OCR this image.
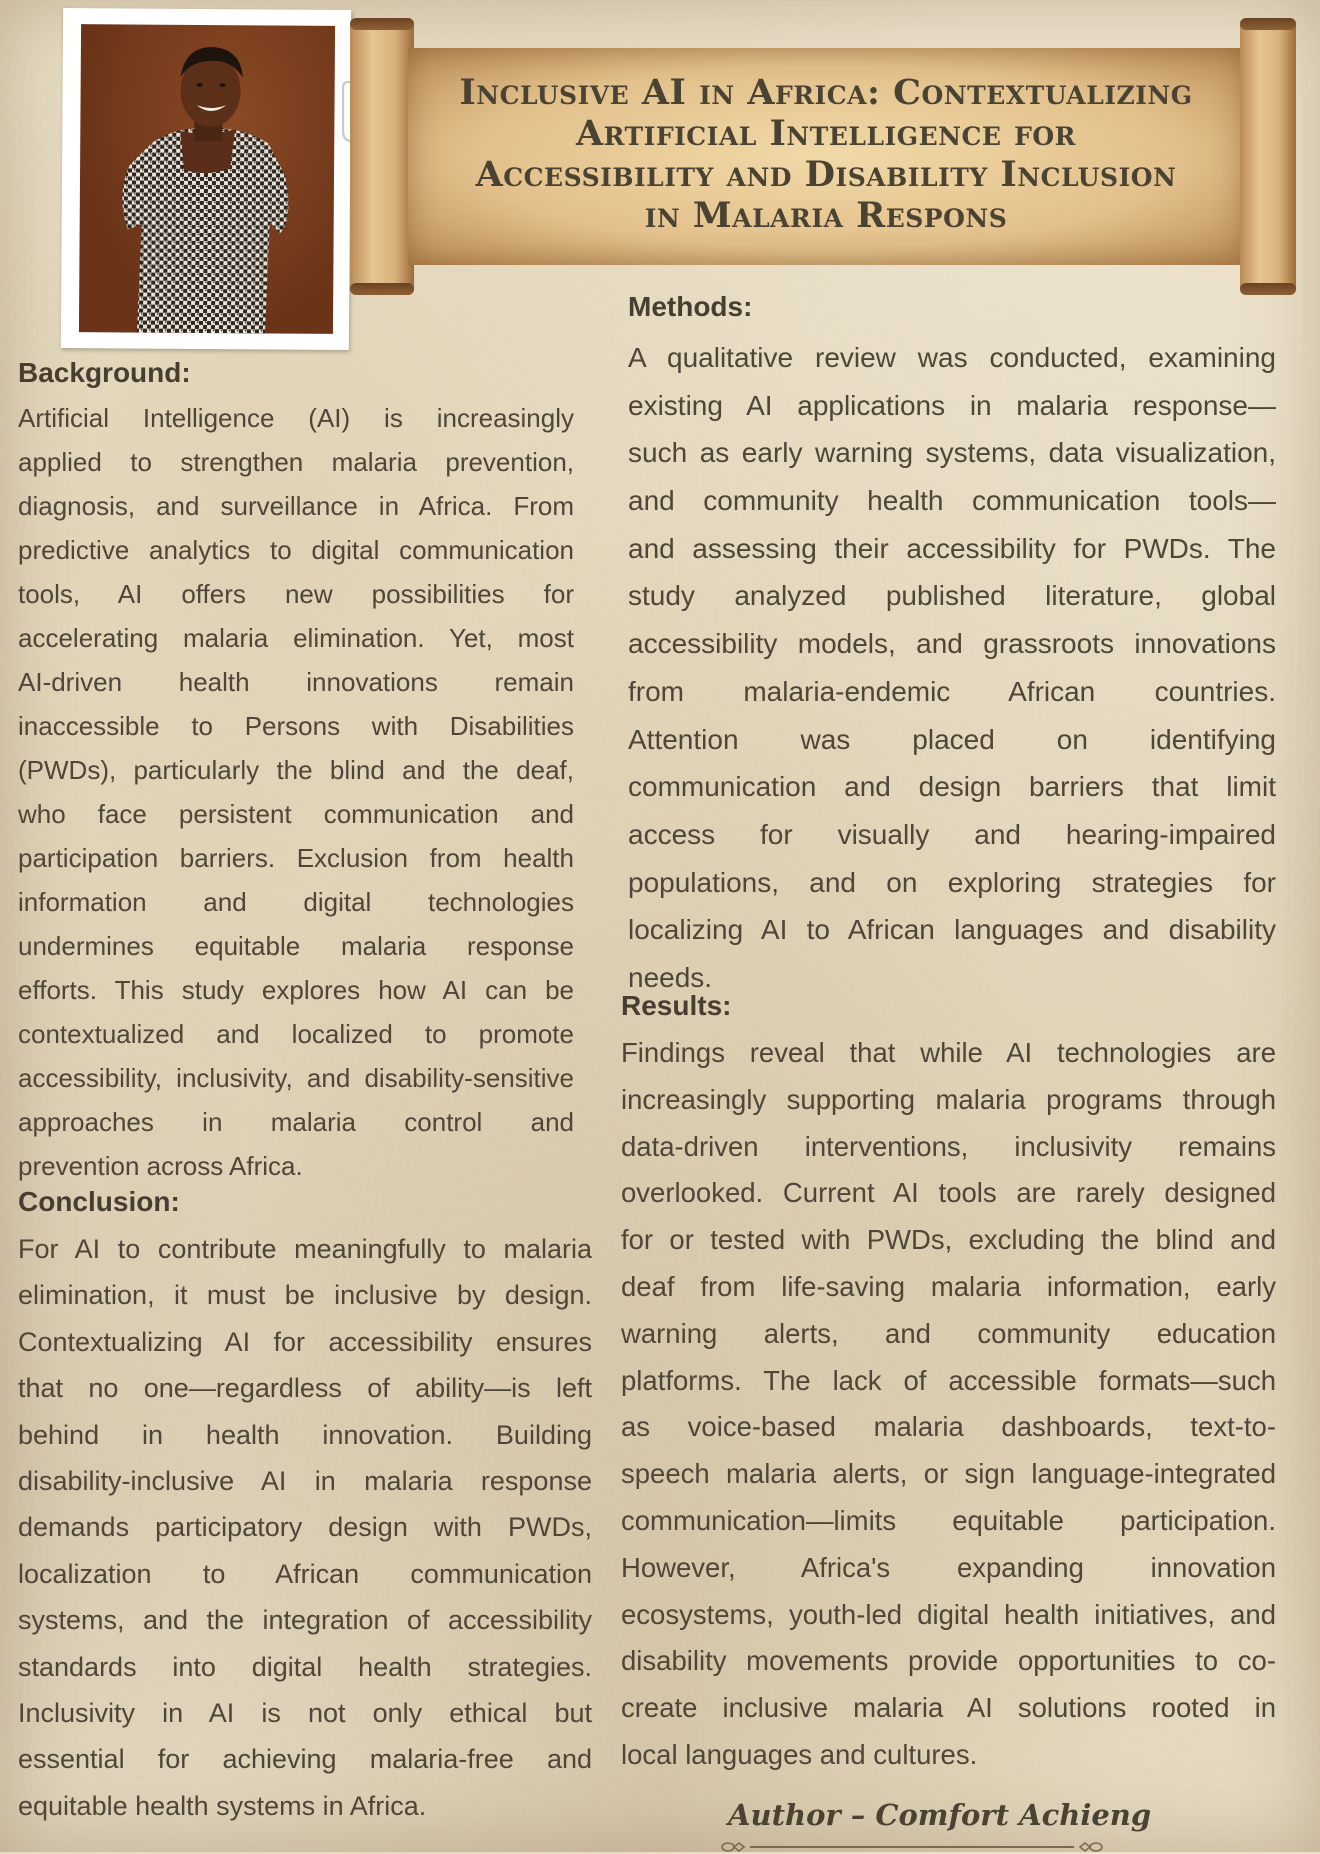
Inclusive AI in Africa: Contextualizing
Artificial Intelligence for
Accessibility and Disability Inclusion
in Malaria Respons
Background:
Artificial Intelligence (AI) is increasingly
applied to strengthen malaria prevention,
diagnosis, and surveillance in Africa. From
predictive analytics to digital communication
tools, AI offers new possibilities for
accelerating malaria elimination. Yet, most
AI-driven health innovations remain
inaccessible to Persons with Disabilities
(PWDs), particularly the blind and the deaf,
who face persistent communication and
participation barriers. Exclusion from health
information and digital technologies
undermines equitable malaria response
efforts. This study explores how AI can be
contextualized and localized to promote
accessibility, inclusivity, and disability-sensitive
approaches in malaria control and
prevention across Africa.
Conclusion:
For AI to contribute meaningfully to malaria
elimination, it must be inclusive by design.
Contextualizing AI for accessibility ensures
that no one—regardless of ability—is left
behind in health innovation. Building
disability-inclusive AI in malaria response
demands participatory design with PWDs,
localization to African communication
systems, and the integration of accessibility
standards into digital health strategies.
Inclusivity in AI is not only ethical but
essential for achieving malaria-free and
equitable health systems in Africa.
Methods:
A qualitative review was conducted, examining
existing AI applications in malaria response—
such as early warning systems, data visualization,
and community health communication tools—
and assessing their accessibility for PWDs. The
study analyzed published literature, global
accessibility models, and grassroots innovations
from malaria-endemic African countries.
Attention was placed on identifying
communication and design barriers that limit
access for visually and hearing-impaired
populations, and on exploring strategies for
localizing AI to African languages and disability
needs.
Results:
Findings reveal that while AI technologies are
increasingly supporting malaria programs through
data-driven interventions, inclusivity remains
overlooked. Current AI tools are rarely designed
for or tested with PWDs, excluding the blind and
deaf from life-saving malaria information, early
warning alerts, and community education
platforms. The lack of accessible formats—such
as voice-based malaria dashboards, text-to-
speech malaria alerts, or sign language-integrated
communication—limits equitable participation.
However, Africa's expanding innovation
ecosystems, youth-led digital health initiatives, and
disability movements provide opportunities to co-
create inclusive malaria AI solutions rooted in
local languages and cultures.
Author – Comfort Achieng
